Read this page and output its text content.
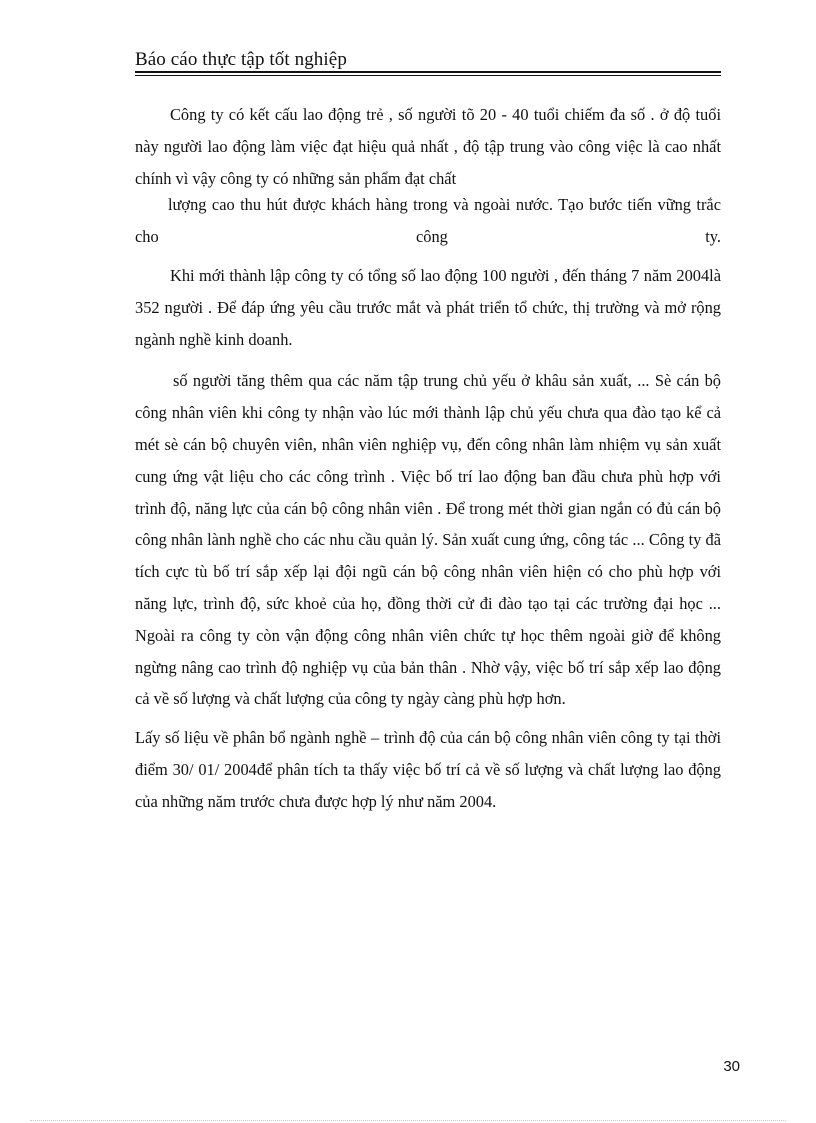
Báo cáo thực tập tốt nghiệp

Công ty có kết cấu lao động trẻ , số người tõ 20 - 40 tuổi chiếm đa số . ở độ tuổi này người lao động làm việc đạt hiệu quả nhất , độ tập trung vào công việc là cao nhất chính vì vậy công ty có những sản phẩm đạt chất

lượng cao thu hút được khách hàng trong và ngoài nước. Tạo bước tiến vững trắc cho công ty.

Khi mới thành lập công ty có tổng số lao động 100 người , đến tháng 7 năm 2004là 352 người . Để đáp ứng yêu cầu trước mắt và phát triển tổ chức, thị trường và mở rộng ngành nghề kinh doanh.

số người tăng thêm qua các năm tập trung chủ yếu ở khâu sản xuất, ... Sè cán bộ công nhân viên khi công ty nhận vào lúc mới thành lập chủ yếu chưa qua đào tạo kể cả mét sè cán bộ chuyên viên, nhân viên nghiệp vụ, đến công nhân làm nhiệm vụ sản xuất cung ứng vật liệu cho các công trình . Việc bố trí lao động ban đầu chưa phù hợp với trình độ, năng lực của cán bộ công nhân viên . Để trong mét thời gian ngắn có đủ cán bộ công nhân lành nghề cho các nhu cầu quản lý. Sản xuất cung ứng, công tác ... Công ty đã tích cực tù bố trí sắp xếp lại đội ngũ cán bộ công nhân viên hiện có cho phù hợp với năng lực, trình độ, sức khoẻ của họ, đồng thời cử đi đào tạo tại các trường đại học ... Ngoài ra công ty còn vận động công nhân viên chức tự học thêm ngoài giờ để không ngừng nâng cao trình độ nghiệp vụ của bản thân . Nhờ vậy, việc bố trí sắp xếp lao động cả về số lượng và chất lượng của công ty ngày càng phù hợp hơn.

Lấy số liệu về phân bổ ngành nghề – trình độ của cán bộ công nhân viên công ty tại thời điểm 30/ 01/ 2004để phân tích ta thấy việc bố trí cả về số lượng và chất lượng lao động của những năm trước chưa được hợp lý như năm 2004.

30
